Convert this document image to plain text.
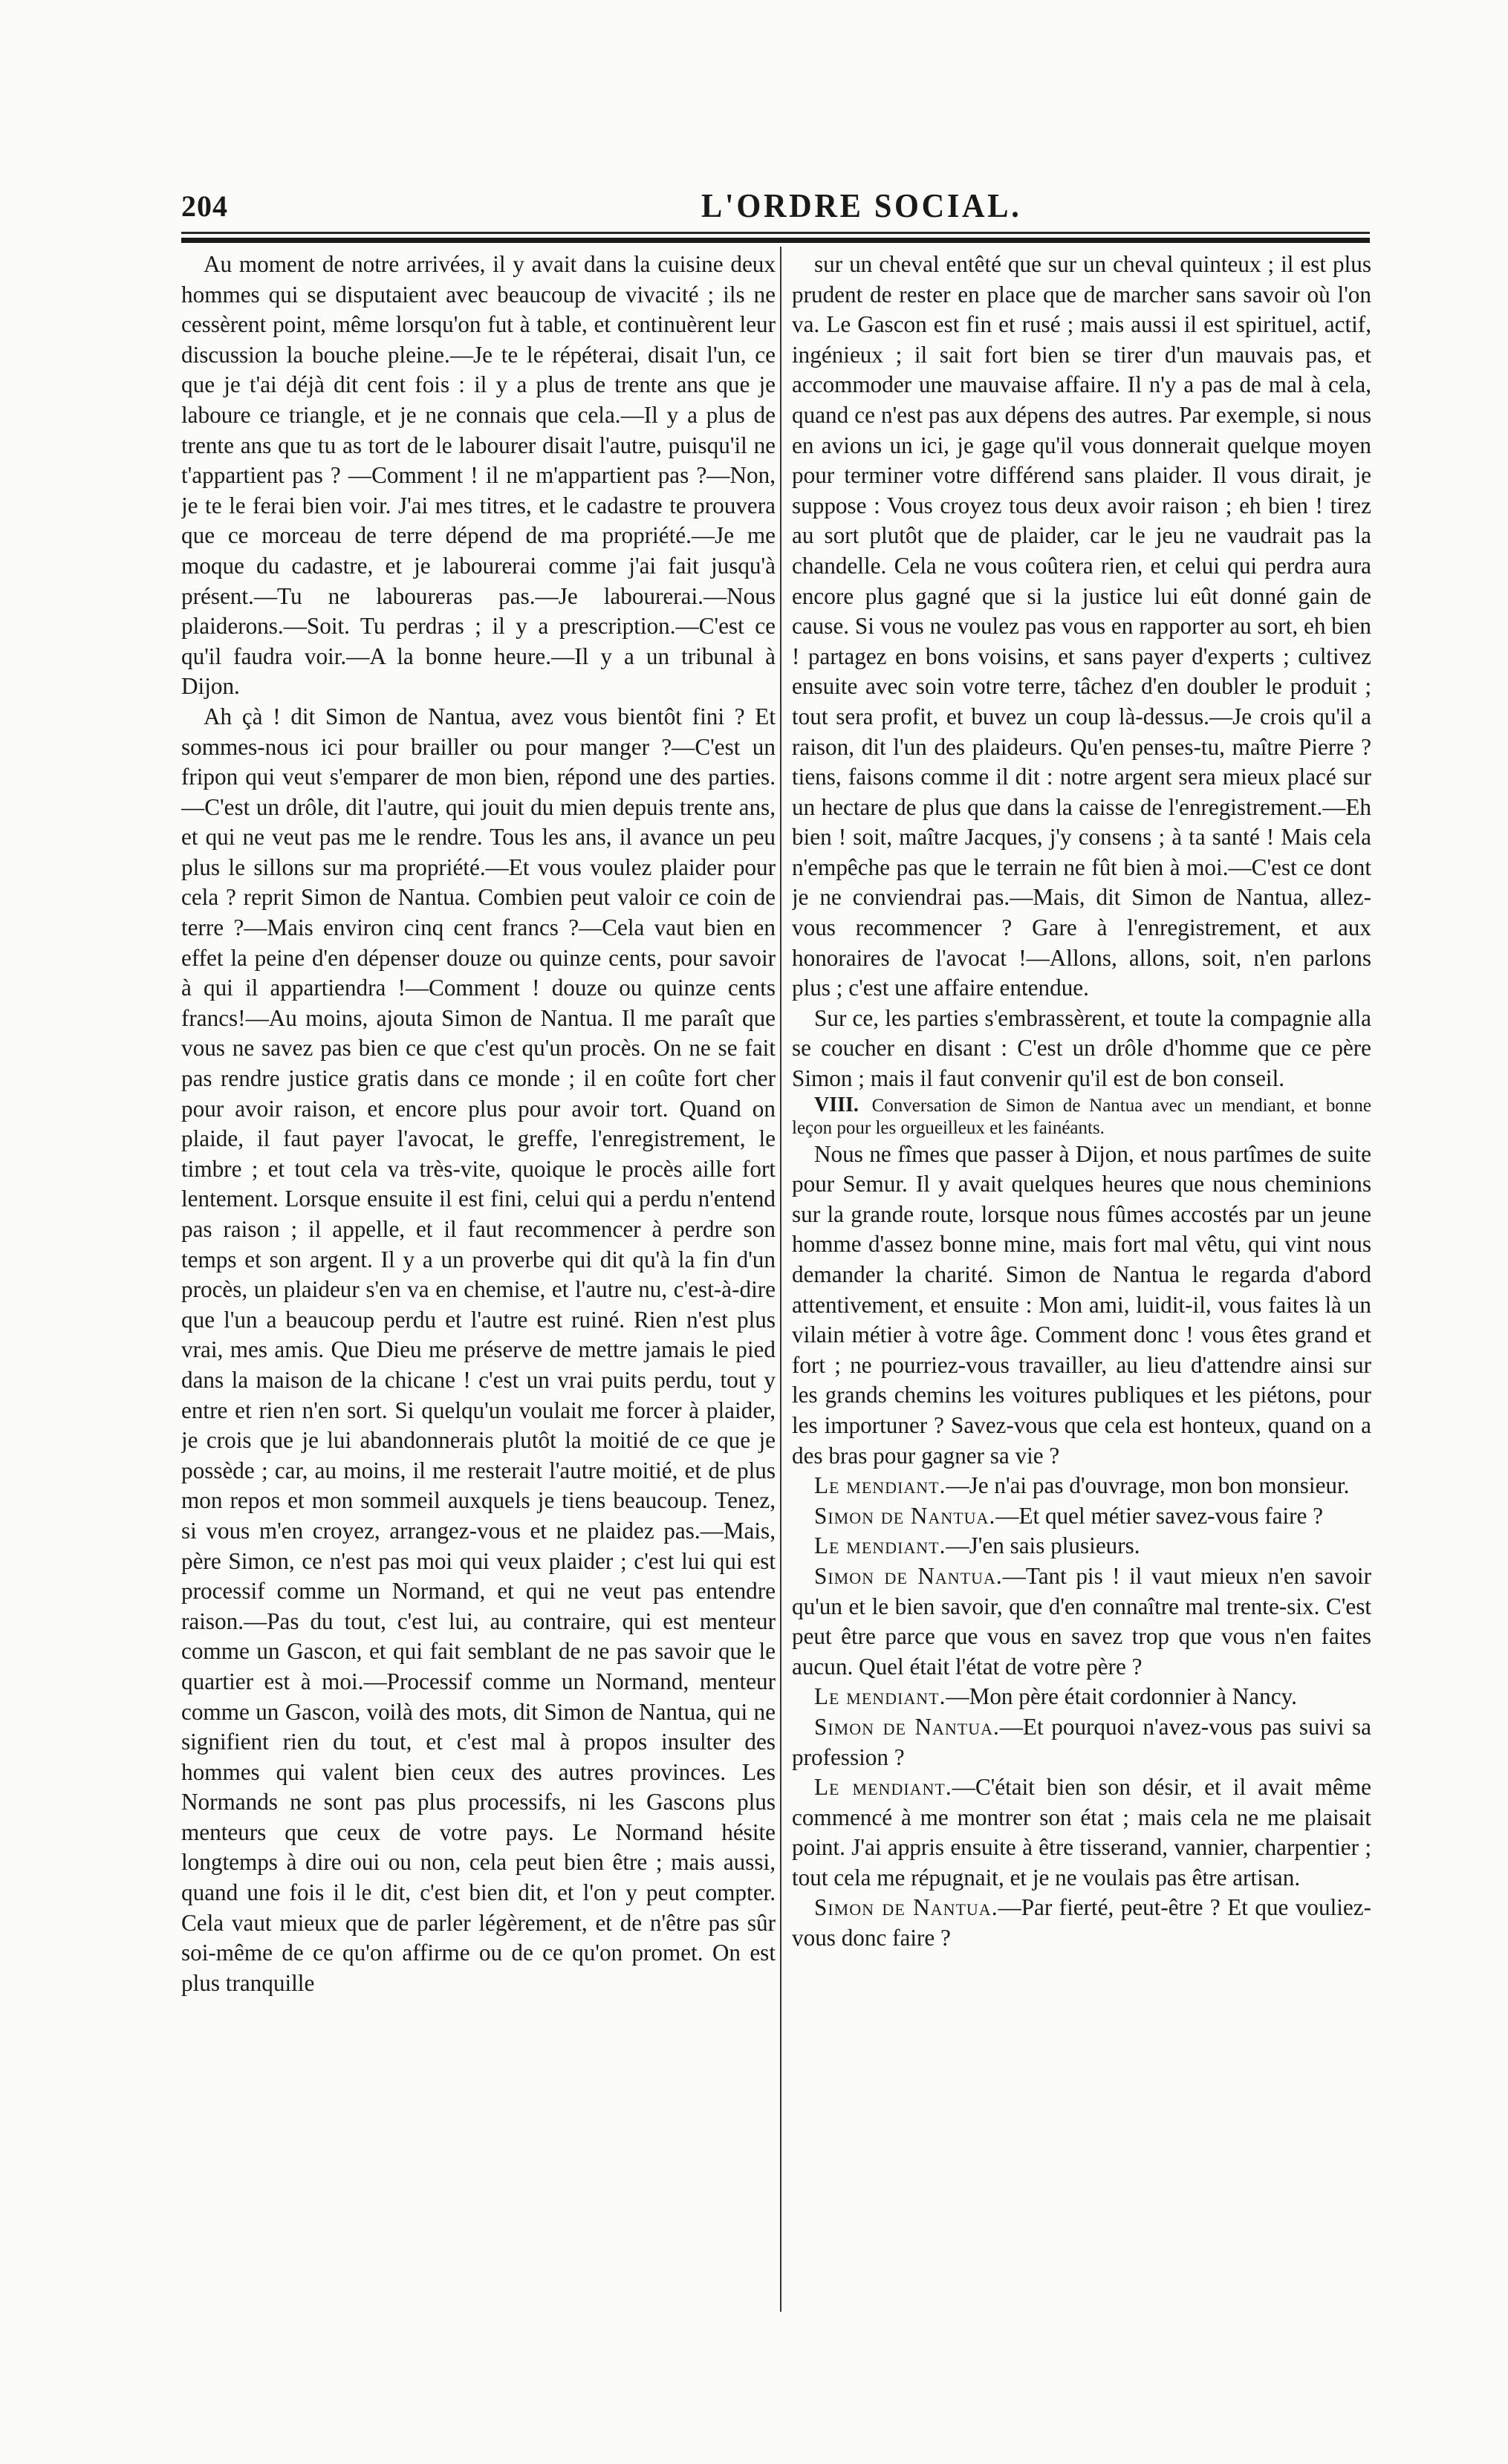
204	L'ORDRE SOCIAL.

Au moment de notre arrivées, il y avait dans la cuisine deux hommes qui se disputaient avec beaucoup de vivacité ; ils ne cessèrent point, même lorsqu'on fut à table, et continuèrent leur discussion la bouche pleine.—Je te le répéterai, disait l'un, ce que je t'ai déjà dit cent fois : il y a plus de trente ans que je laboure ce triangle, et je ne connais que cela.—Il y a plus de trente ans que tu as tort de le labourer disait l'autre, puisqu'il ne t'appartient pas ? —Comment ! il ne m'appartient pas ?—Non, je te le ferai bien voir. J'ai mes titres, et le cadastre te prouvera que ce morceau de terre dépend de ma propriété.—Je me moque du cadastre, et je labourerai comme j'ai fait jusqu'à présent.—Tu ne laboureras pas.—Je labourerai.—Nous plaiderons.—Soit. Tu perdras ; il y a prescription.—C'est ce qu'il faudra voir.—A la bonne heure.—Il y a un tribunal à Dijon.

Ah çà ! dit Simon de Nantua, avez vous bientôt fini ? Et sommes-nous ici pour brailler ou pour manger ?—C'est un fripon qui veut s'emparer de mon bien, répond une des parties.—C'est un drôle, dit l'autre, qui jouit du mien depuis trente ans, et qui ne veut pas me le rendre. Tous les ans, il avance un peu plus le sillons sur ma propriété.—Et vous voulez plaider pour cela ? reprit Simon de Nantua. Combien peut valoir ce coin de terre ?—Mais environ cinq cent francs ?—Cela vaut bien en effet la peine d'en dépenser douze ou quinze cents, pour savoir à qui il appartiendra !—Comment ! douze ou quinze cents francs!—Au moins, ajouta Simon de Nantua. Il me paraît que vous ne savez pas bien ce que c'est qu'un procès. On ne se fait pas rendre justice gratis dans ce monde ; il en coûte fort cher pour avoir raison, et encore plus pour avoir tort. Quand on plaide, il faut payer l'avocat, le greffe, l'enregistrement, le timbre ; et tout cela va très-vite, quoique le procès aille fort lentement. Lorsque ensuite il est fini, celui qui a perdu n'entend pas raison ; il appelle, et il faut recommencer à perdre son temps et son argent. Il y a un proverbe qui dit qu'à la fin d'un procès, un plaideur s'en va en chemise, et l'autre nu, c'est-à-dire que l'un a beaucoup perdu et l'autre est ruiné. Rien n'est plus vrai, mes amis. Que Dieu me préserve de mettre jamais le pied dans la maison de la chicane ! c'est un vrai puits perdu, tout y entre et rien n'en sort. Si quelqu'un voulait me forcer à plaider, je crois que je lui abandonnerais plutôt la moitié de ce que je possède ; car, au moins, il me resterait l'autre moitié, et de plus mon repos et mon sommeil auxquels je tiens beaucoup. Tenez, si vous m'en croyez, arrangez-vous et ne plaidez pas.—Mais, père Simon, ce n'est pas moi qui veux plaider ; c'est lui qui est processif comme un Normand, et qui ne veut pas entendre raison.—Pas du tout, c'est lui, au contraire, qui est menteur comme un Gascon, et qui fait semblant de ne pas savoir que le quartier est à moi.—Processif comme un Normand, menteur comme un Gascon, voilà des mots, dit Simon de Nantua, qui ne signifient rien du tout, et c'est mal à propos insulter des hommes qui valent bien ceux des autres provinces. Les Normands ne sont pas plus processifs, ni les Gascons plus menteurs que ceux de votre pays. Le Normand hésite longtemps à dire oui ou non, cela peut bien être ; mais aussi, quand une fois il le dit, c'est bien dit, et l'on y peut compter. Cela vaut mieux que de parler légèrement, et de n'être pas sûr soi-même de ce qu'on affirme ou de ce qu'on promet. On est plus tranquille

sur un cheval entêté que sur un cheval quinteux ; il est plus prudent de rester en place que de marcher sans savoir où l'on va. Le Gascon est fin et rusé ; mais aussi il est spirituel, actif, ingénieux ; il sait fort bien se tirer d'un mauvais pas, et accommoder une mauvaise affaire. Il n'y a pas de mal à cela, quand ce n'est pas aux dépens des autres. Par exemple, si nous en avions un ici, je gage qu'il vous donnerait quelque moyen pour terminer votre différend sans plaider. Il vous dirait, je suppose : Vous croyez tous deux avoir raison ; eh bien ! tirez au sort plutôt que de plaider, car le jeu ne vaudrait pas la chandelle. Cela ne vous coûtera rien, et celui qui perdra aura encore plus gagné que si la justice lui eût donné gain de cause. Si vous ne voulez pas vous en rapporter au sort, eh bien ! partagez en bons voisins, et sans payer d'experts ; cultivez ensuite avec soin votre terre, tâchez d'en doubler le produit ; tout sera profit, et buvez un coup là-dessus.—Je crois qu'il a raison, dit l'un des plaideurs. Qu'en penses-tu, maître Pierre ? tiens, faisons comme il dit : notre argent sera mieux placé sur un hectare de plus que dans la caisse de l'enregistrement.—Eh bien ! soit, maître Jacques, j'y consens ; à ta santé ! Mais cela n'empêche pas que le terrain ne fût bien à moi.—C'est ce dont je ne conviendrai pas.—Mais, dit Simon de Nantua, allez-vous recommencer ? Gare à l'enregistrement, et aux honoraires de l'avocat !—Allons, allons, soit, n'en parlons plus ; c'est une affaire entendue.

Sur ce, les parties s'embrassèrent, et toute la compagnie alla se coucher en disant : C'est un drôle d'homme que ce père Simon ; mais il faut convenir qu'il est de bon conseil.

VIII. Conversation de Simon de Nantua avec un mendiant, et bonne leçon pour les orgueilleux et les fainéants.

Nous ne fîmes que passer à Dijon, et nous partîmes de suite pour Semur. Il y avait quelques heures que nous cheminions sur la grande route, lorsque nous fûmes accostés par un jeune homme d'assez bonne mine, mais fort mal vêtu, qui vint nous demander la charité. Simon de Nantua le regarda d'abord attentivement, et ensuite : Mon ami, luidit-il, vous faites là un vilain métier à votre âge. Comment donc ! vous êtes grand et fort ; ne pourriez-vous travailler, au lieu d'attendre ainsi sur les grands chemins les voitures publiques et les piétons, pour les importuner ? Savez-vous que cela est honteux, quand on a des bras pour gagner sa vie ?

Le mendiant.—Je n'ai pas d'ouvrage, mon bon monsieur.

Simon de Nantua.—Et quel métier savez-vous faire ?

Le mendiant.—J'en sais plusieurs.

Simon de Nantua.—Tant pis ! il vaut mieux n'en savoir qu'un et le bien savoir, que d'en connaître mal trente-six. C'est peut être parce que vous en savez trop que vous n'en faites aucun. Quel était l'état de votre père ?

Le mendiant.—Mon père était cordonnier à Nancy.

Simon de Nantua.—Et pourquoi n'avez-vous pas suivi sa profession ?

Le mendiant.—C'était bien son désir, et il avait même commencé à me montrer son état ; mais cela ne me plaisait point. J'ai appris ensuite à être tisserand, vannier, charpentier ; tout cela me répugnait, et je ne voulais pas être artisan.

Simon de Nantua.—Par fierté, peut-être ? Et que vouliez-vous donc faire ?
